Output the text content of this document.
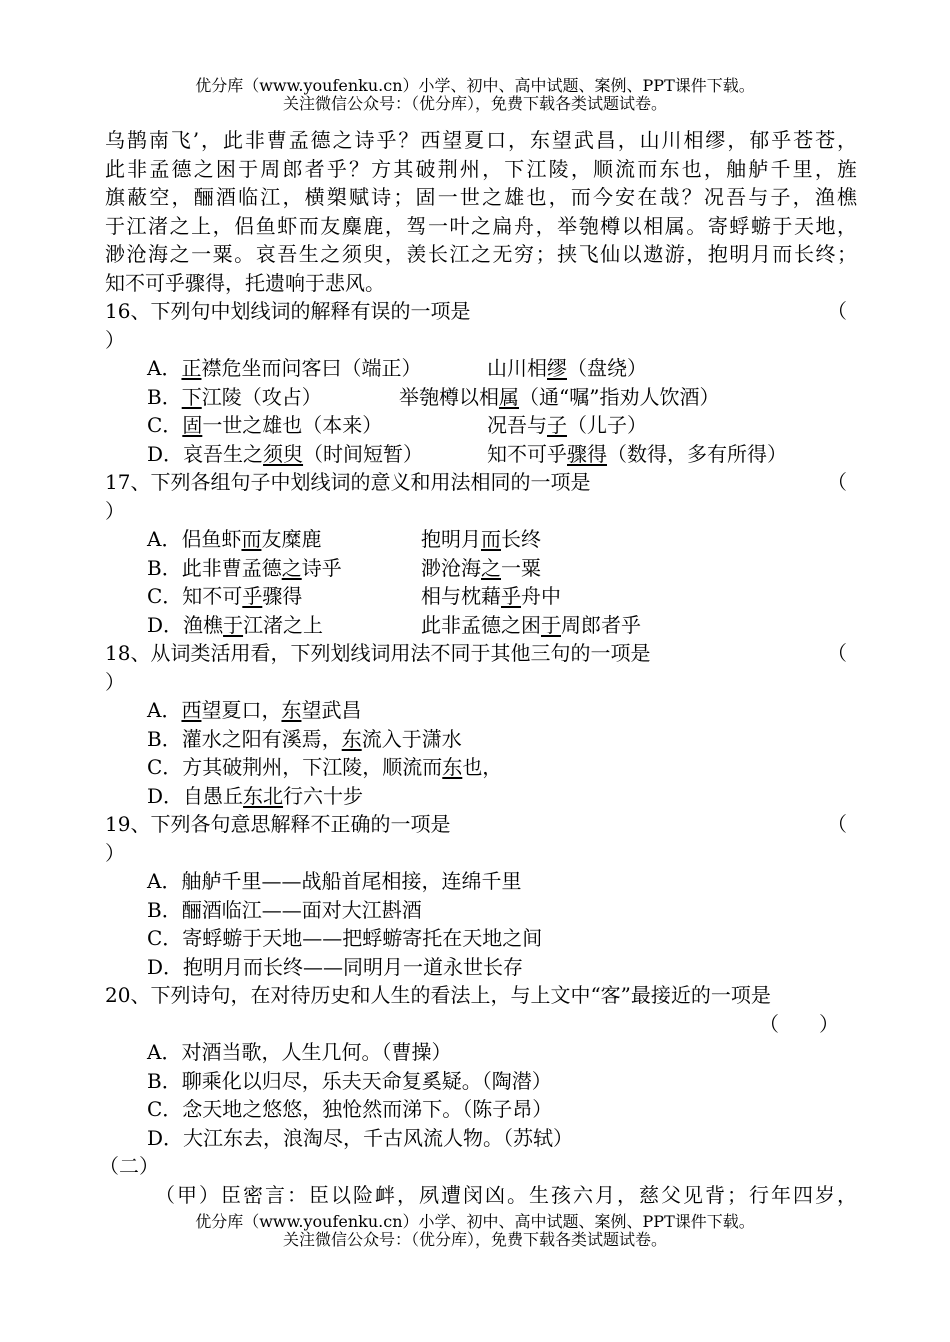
优分库（www.youfenku.cn）小学、初中、高中试题、案例、PPT课件下载。
关注微信公众号：（优分库），免费下载各类试题试卷。
乌鹊南飞’，此非曹孟德之诗乎？西望夏口，东望武昌，山川相缪，郁乎苍苍，
此非孟德之困于周郎者乎？方其破荆州，下江陵，顺流而东也，舳舻千里，旌
旗蔽空，酾酒临江，横槊赋诗；固一世之雄也，而今安在哉？况吾与子，渔樵
于江渚之上，侣鱼虾而友麋鹿，驾一叶之扁舟，举匏樽以相属。寄蜉蝣于天地，
渺沧海之一粟。哀吾生之须臾，羡长江之无穷；挟飞仙以遨游，抱明月而长终；
知不可乎骤得，托遗响于悲风。
16、下列句中划线词的解释有误的一项是	（
）
A．正襟危坐而问客曰（端正）	山川相缪（盘绕）
B．下江陵（攻占）	举匏樽以相属（通“嘱”指劝人饮酒）
C．固一世之雄也（本来）	况吾与子（儿子）
D．哀吾生之须臾（时间短暂）	知不可乎骤得（数得，多有所得）
17、下列各组句子中划线词的意义和用法相同的一项是	（
）
A．侣鱼虾而友糜鹿	抱明月而长终
B．此非曹孟德之诗乎	渺沧海之一粟
C．知不可乎骤得	相与枕藉乎舟中
D．渔樵于江渚之上	此非孟德之困于周郎者乎
18、从词类活用看，下列划线词用法不同于其他三句的一项是	（
）
A．西望夏口，东望武昌
B．灌水之阳有溪焉，东流入于潇水
C．方其破荆州，下江陵，顺流而东也，
D．自愚丘东北行六十步
19、下列各句意思解释不正确的一项是	（
）
A．舳舻千里——战船首尾相接，连绵千里
B．酾酒临江——面对大江斟酒
C．寄蜉蝣于天地——把蜉蝣寄托在天地之间
D．抱明月而长终——同明月一道永世长存
20、下列诗句，在对待历史和人生的看法上，与上文中“客”最接近的一项是
（　　）
A．对酒当歌，人生几何。（曹操）
B．聊乘化以归尽，乐夫天命复奚疑。（陶潜）
C．念天地之悠悠，独怆然而涕下。（陈子昂）
D．大江东去，浪淘尽，千古风流人物。（苏轼）
（二）
（甲）臣密言：臣以险衅，夙遭闵凶。生孩六月，慈父见背；行年四岁，
优分库（www.youfenku.cn）小学、初中、高中试题、案例、PPT课件下载。
关注微信公众号：（优分库），免费下载各类试题试卷。
